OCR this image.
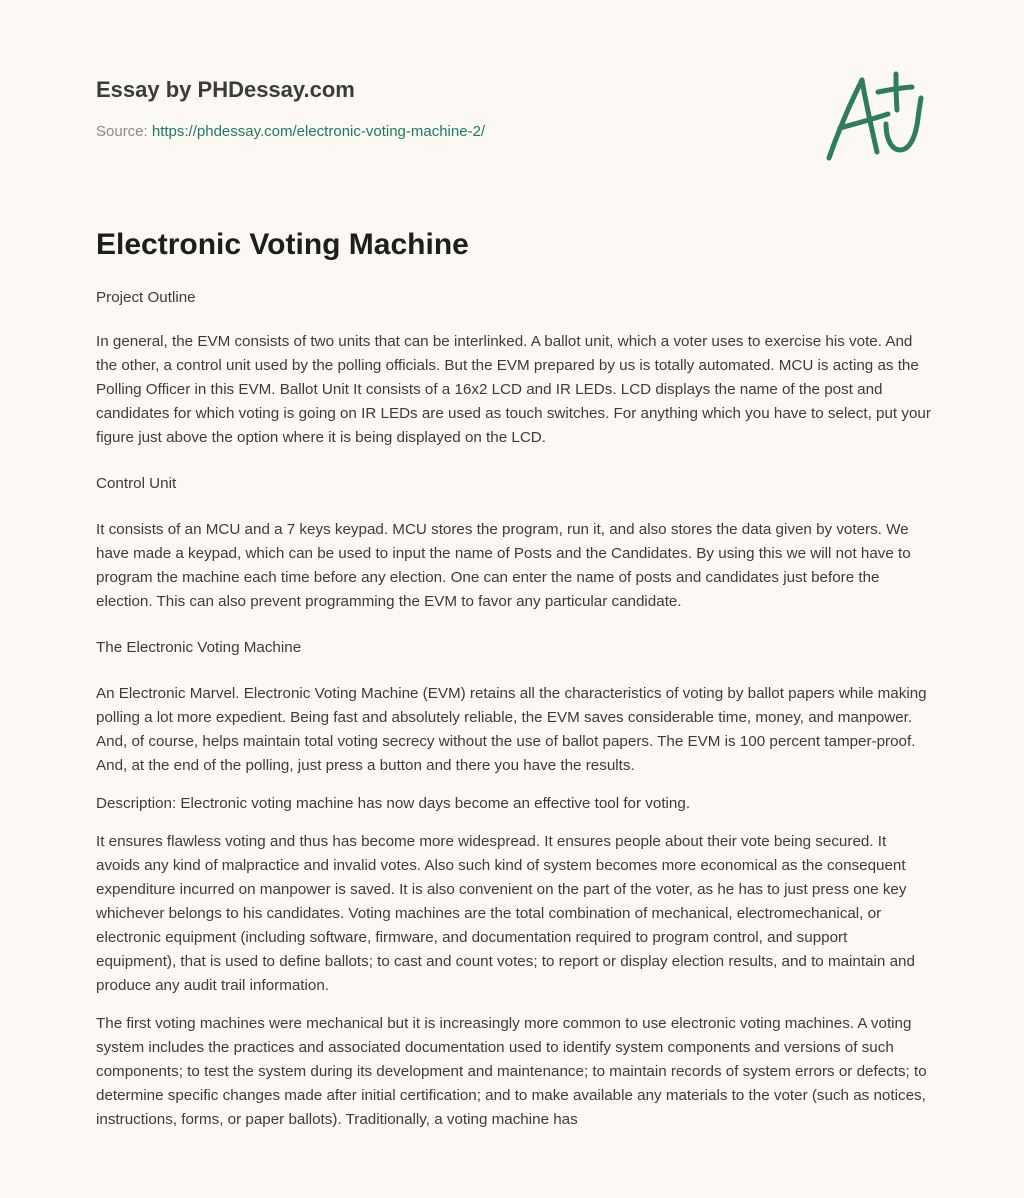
Essay by PHDessay.com
Source: https://phdessay.com/electronic-voting-machine-2/
Electronic Voting Machine

Project Outline

In general, the EVM consists of two units that can be interlinked. A ballot unit, which a voter uses to exercise his vote. And the other, a control unit used by the polling officials. But the EVM prepared by us is totally automated. MCU is acting as the Polling Officer in this EVM. Ballot Unit It consists of a 16x2 LCD and IR LEDs. LCD displays the name of the post and candidates for which voting is going on IR LEDs are used as touch switches. For anything which you have to select, put your figure just above the option where it is being displayed on the LCD.

Control Unit

It consists of an MCU and a 7 keys keypad. MCU stores the program, run it, and also stores the data given by voters. We have made a keypad, which can be used to input the name of Posts and the Candidates. By using this we will not have to program the machine each time before any election. One can enter the name of posts and candidates just before the election. This can also prevent programming the EVM to favor any particular candidate.

The Electronic Voting Machine

An Electronic Marvel. Electronic Voting Machine (EVM) retains all the characteristics of voting by ballot papers while making polling a lot more expedient. Being fast and absolutely reliable, the EVM saves considerable time, money, and manpower. And, of course, helps maintain total voting secrecy without the use of ballot papers. The EVM is 100 percent tamper-proof. And, at the end of the polling, just press a button and there you have the results.

Description: Electronic voting machine has now days become an effective tool for voting.

It ensures flawless voting and thus has become more widespread. It ensures people about their vote being secured. It avoids any kind of malpractice and invalid votes. Also such kind of system becomes more economical as the consequent expenditure incurred on manpower is saved. It is also convenient on the part of the voter, as he has to just press one key whichever belongs to his candidates. Voting machines are the total combination of mechanical, electromechanical, or electronic equipment (including software, firmware, and documentation required to program control, and support equipment), that is used to define ballots; to cast and count votes; to report or display election results, and to maintain and produce any audit trail information.

The first voting machines were mechanical but it is increasingly more common to use electronic voting machines. A voting system includes the practices and associated documentation used to identify system components and versions of such components; to test the system during its development and maintenance; to maintain records of system errors or defects; to determine specific changes made after initial certification; and to make available any materials to the voter (such as notices, instructions, forms, or paper ballots). Traditionally, a voting machine has
